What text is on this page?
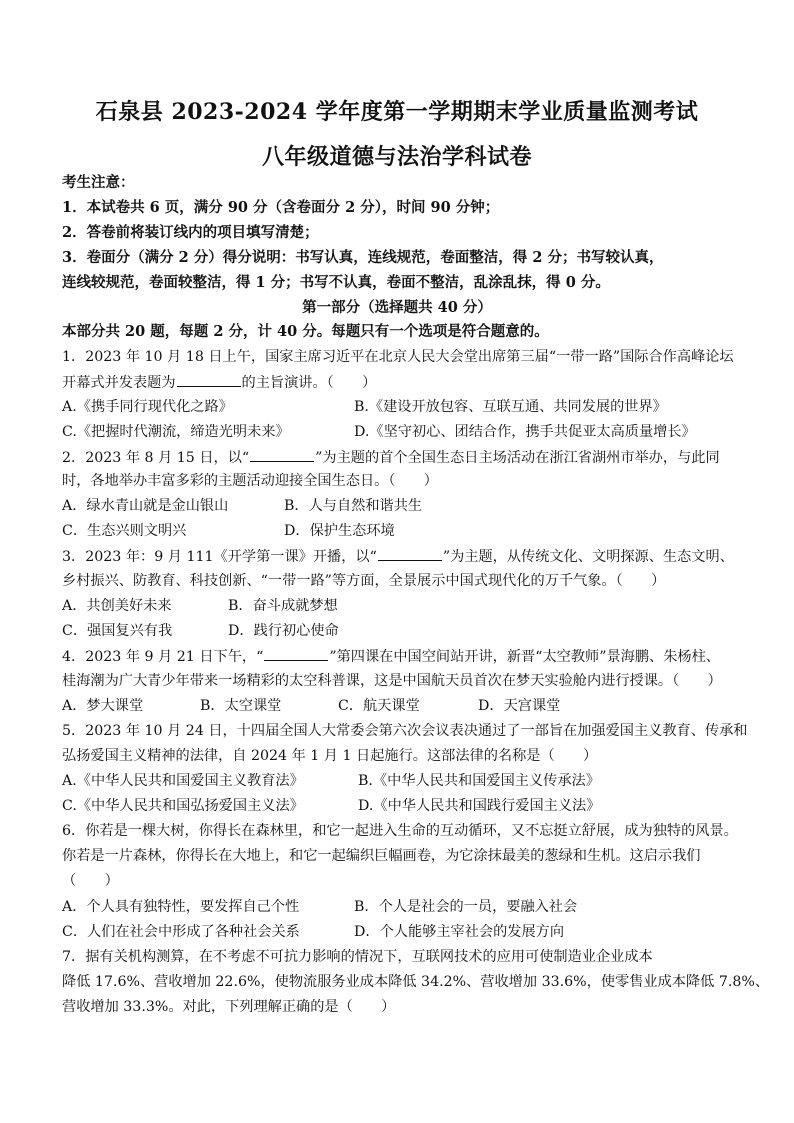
石泉县 2023-2024 学年度第一学期期末学业质量监测考试
八年级道德与法治学科试卷
考生注意：
1．本试卷共 6 页，满分 90 分（含卷面分 2 分），时间 90 分钟；
2．答卷前将装订线内的项目填写清楚；
3．卷面分（满分 2 分）得分说明：书写认真，连线规范，卷面整洁，得 2 分；书写较认真，
连线较规范，卷面较整洁，得 1 分；书写不认真，卷面不整洁，乱涂乱抹，得 0 分。
第一部分（选择题共 40 分）
本部分共 20 题，每题 2 分，计 40 分。每题只有一个选项是符合题意的。
1．2023 年 10 月 18 日上午，国家主席习近平在北京人民大会堂出席第三届“一带一路”国际合作高峰论坛
开幕式并发表题为	的主旨演讲。（　　）
A.《携手同行现代化之路》	B.《建设开放包容、互联互通、共同发展的世界》
C.《把握时代潮流，缔造光明未来》	D.《坚守初心、团结合作，携手共促亚太高质量增长》
2．2023 年 8 月 15 日，以“	”为主题的首个全国生态日主场活动在浙江省湖州市举办，与此同
时，各地举办丰富多彩的主题活动迎接全国生态日。（　　）
A．绿水青山就是金山银山	B．人与自然和谐共生
C．生态兴则文明兴	D．保护生态环境
3．2023 年：9 月 111《开学第一课》开播，以“	”为主题，从传统文化、文明探源、生态文明、
乡村振兴、防教育、科技创新、“一带一路”等方面，全景展示中国式现代化的万千气象。（　　）
A．共创美好未来	B．奋斗成就梦想
C．强国复兴有我	D．践行初心使命
4．2023 年 9 月 21 日下午，“	”第四课在中国空间站开讲，新晋“太空教师”景海鹏、朱杨柱、
桂海潮为广大青少年带来一场精彩的太空科普课，这是中国航天员首次在梦天实验舱内进行授课。（　　）
A．梦大课堂	B．太空课堂	C．航天课堂	D．天宫课堂
5．2023 年 10 月 24 日，十四届全国人大常委会第六次会议表决通过了一部旨在加强爱国主义教育、传承和
弘扬爱国主义精神的法律，自 2024 年 1 月 1 日起施行。这部法律的名称是（　　）
A.《中华人民共和国爱国主义教育法》	B.《中华人民共和国爱国主义传承法》
C.《中华人民共和国弘扬爱国主义法》	D.《中华人民共和国践行爱国主义法》
6．你若是一棵大树，你得长在森林里，和它一起进入生命的互动循环，又不忘挺立舒展，成为独特的风景。
你若是一片森林，你得长在大地上，和它一起编织巨幅画卷，为它涂抹最美的葱绿和生机。这启示我们
（　　）
A．个人具有独特性，要发挥自己个性	B．个人是社会的一员，要融入社会
C．人们在社会中形成了各种社会关系	D．个人能够主宰社会的发展方向
7．据有关机构测算，在不考虑不可抗力影响的情况下，互联网技术的应用可使制造业企业成本
降低 17.6%、营收增加 22.6%，使物流服务业成本降低 34.2%、营收增加 33.6%，使零售业成本降低 7.8%、
营收增加 33.3%。对此，下列理解正确的是（　　）
